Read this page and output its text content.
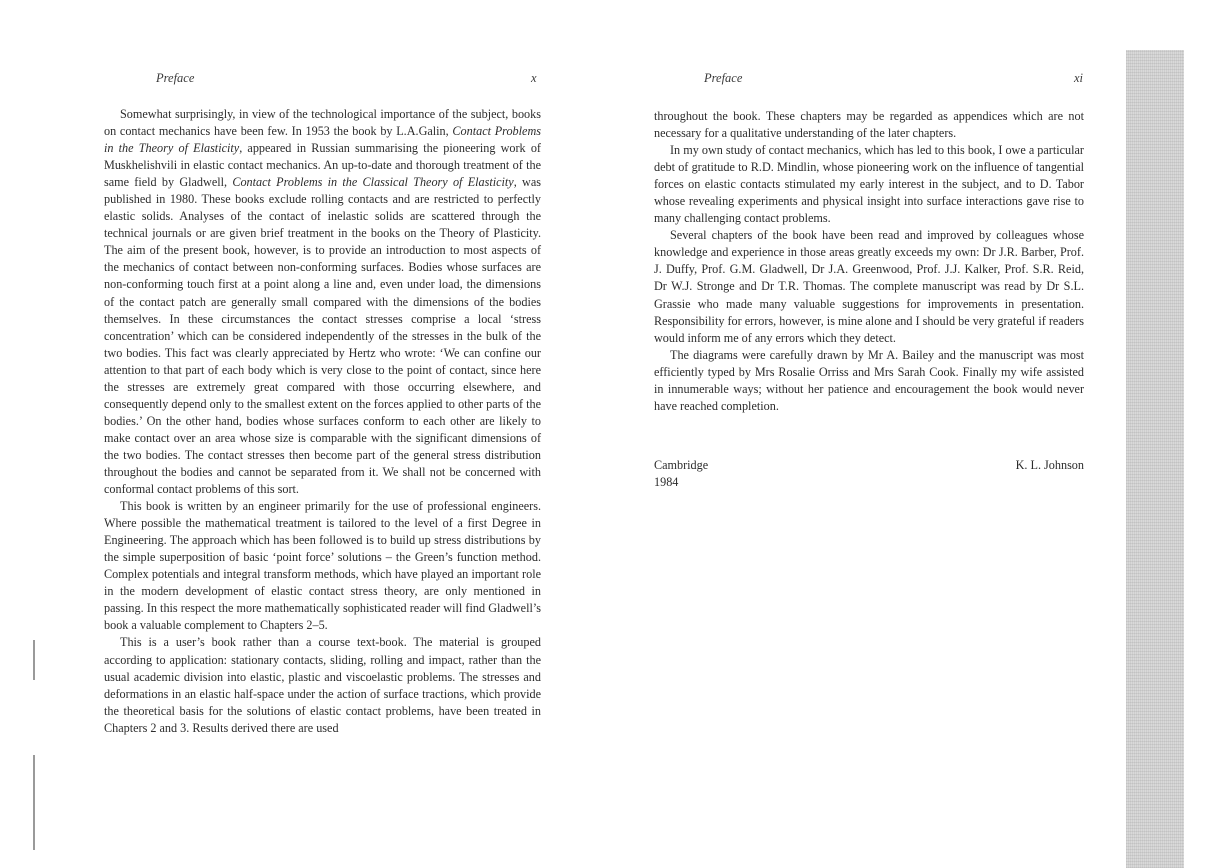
Preface	x

Somewhat surprisingly, in view of the technological importance of the subject, books on contact mechanics have been few. In 1953 the book by L.A.Galin, Contact Problems in the Theory of Elasticity, appeared in Russian summarising the pioneering work of Muskhelishvili in elastic contact mechanics. An up-to-date and thorough treatment of the same field by Gladwell, Contact Problems in the Classical Theory of Elasticity, was published in 1980. These books exclude rolling contacts and are restricted to perfectly elastic solids. Analyses of the contact of inelastic solids are scattered through the technical journals or are given brief treatment in the books on the Theory of Plasticity. The aim of the present book, however, is to provide an introduction to most aspects of the mechanics of contact between non-conforming surfaces. Bodies whose surfaces are non-conforming touch first at a point along a line and, even under load, the dimensions of the contact patch are generally small compared with the dimensions of the bodies themselves. In these circumstances the contact stresses comprise a local ‘stress concentration’ which can be considered independently of the stresses in the bulk of the two bodies. This fact was clearly appreciated by Hertz who wrote: ‘We can confine our attention to that part of each body which is very close to the point of contact, since here the stresses are extremely great compared with those occurring elsewhere, and consequently depend only to the smallest extent on the forces applied to other parts of the bodies.’ On the other hand, bodies whose surfaces conform to each other are likely to make contact over an area whose size is comparable with the significant dimensions of the two bodies. The contact stresses then become part of the general stress distribution throughout the bodies and cannot be separated from it. We shall not be concerned with conformal contact problems of this sort.

This book is written by an engineer primarily for the use of professional engineers. Where possible the mathematical treatment is tailored to the level of a first Degree in Engineering. The approach which has been followed is to build up stress distributions by the simple superposition of basic ‘point force’ solutions – the Green’s function method. Complex potentials and integral transform methods, which have played an important role in the modern development of elastic contact stress theory, are only mentioned in passing. In this respect the more mathematically sophisticated reader will find Gladwell’s book a valuable complement to Chapters 2–5.

This is a user’s book rather than a course text-book. The material is grouped according to application: stationary contacts, sliding, rolling and impact, rather than the usual academic division into elastic, plastic and viscoelastic problems. The stresses and deformations in an elastic half-space under the action of surface tractions, which provide the theoretical basis for the solutions of elastic contact problems, have been treated in Chapters 2 and 3. Results derived there are used

Preface	xi

throughout the book. These chapters may be regarded as appendices which are not necessary for a qualitative understanding of the later chapters.

In my own study of contact mechanics, which has led to this book, I owe a particular debt of gratitude to R.D. Mindlin, whose pioneering work on the influence of tangential forces on elastic contacts stimulated my early interest in the subject, and to D. Tabor whose revealing experiments and physical insight into surface interactions gave rise to many challenging contact problems.

Several chapters of the book have been read and improved by colleagues whose knowledge and experience in those areas greatly exceeds my own: Dr J.R. Barber, Prof. J. Duffy, Prof. G.M. Gladwell, Dr J.A. Greenwood, Prof. J.J. Kalker, Prof. S.R. Reid, Dr W.J. Stronge and Dr T.R. Thomas. The complete manuscript was read by Dr S.L. Grassie who made many valuable suggestions for improvements in presentation. Responsibility for errors, however, is mine alone and I should be very grateful if readers would inform me of any errors which they detect.

The diagrams were carefully drawn by Mr A. Bailey and the manuscript was most efficiently typed by Mrs Rosalie Orriss and Mrs Sarah Cook. Finally my wife assisted in innumerable ways; without her patience and encouragement the book would never have reached completion.

Cambridge
1984
K. L. Johnson
